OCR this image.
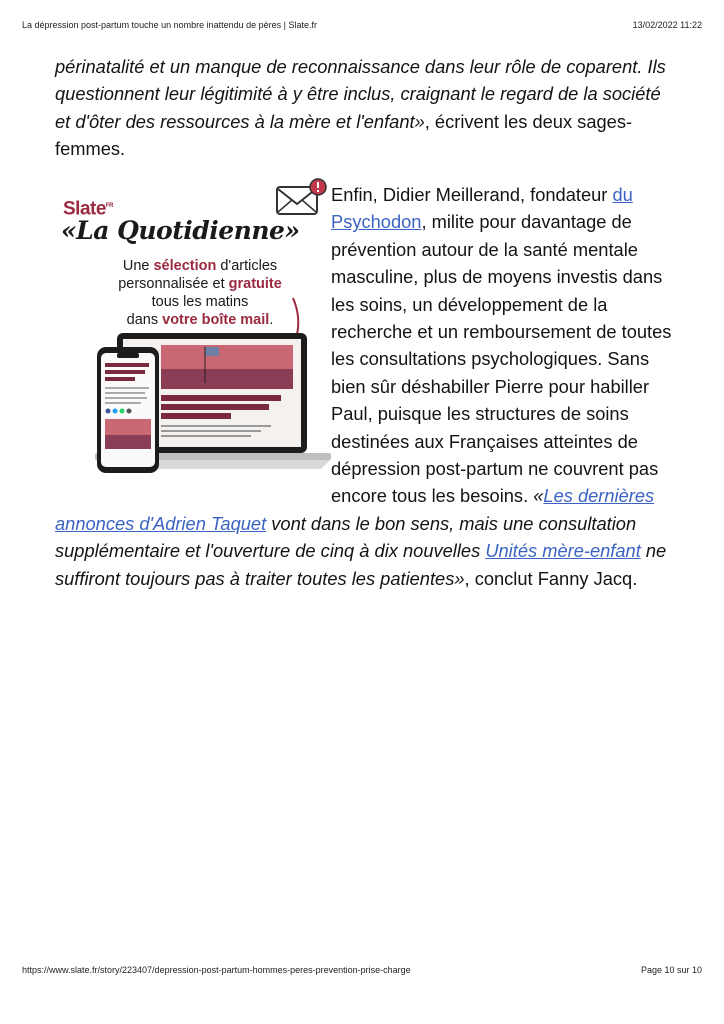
La dépression post-partum touche un nombre inattendu de pères | Slate.fr	13/02/2022 11:22

périnatalité et un manque de reconnaissance dans leur rôle de coparent. Ils questionnent leur légitimité à y être inclus, craignant le regard de la société et d'ôter des ressources à la mère et l'enfant», écrivent les deux sages-femmes.

Slate$^{FR}$
«La Quotidienne»
Une sélection d'articles
personnalisée et gratuite
tous les matins
dans votre boîte mail.

Enfin, Didier Meillerand, fondateur du Psychodon, milite pour davantage de prévention autour de la santé mentale masculine, plus de moyens investis dans les soins, un développement de la recherche et un remboursement de toutes les consultations psychologiques. Sans bien sûr déshabiller Pierre pour habiller Paul, puisque les structures de soins destinées aux Françaises atteintes de dépression post-partum ne couvrent pas encore tous les besoins. «Les dernières annonces d'Adrien Taquet vont dans le bon sens, mais une consultation supplémentaire et l'ouverture de cinq à dix nouvelles Unités mère-enfant ne suffiront toujours pas à traiter toutes les patientes», conclut Fanny Jacq.

https://www.slate.fr/story/223407/depression-post-partum-hommes-peres-prevention-prise-charge	Page 10 sur 10
